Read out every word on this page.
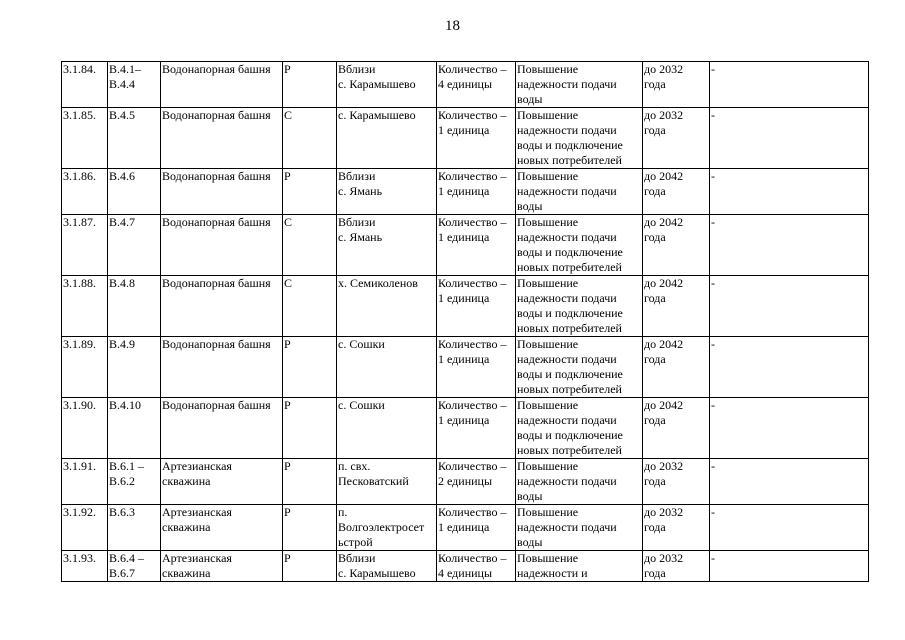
18
3.1.84.	В.4.1–
В.4.4	Водонапорная башня	Р	Вблизи
с. Карамышево	Количество –
4 единицы	Повышение
надежности подачи
воды	до 2032
года	-
3.1.85.	В.4.5	Водонапорная башня	С	с. Карамышево	Количество –
1 единица	Повышение
надежности подачи
воды и подключение
новых потребителей	до 2032
года	-
3.1.86.	В.4.6	Водонапорная башня	Р	Вблизи
с. Ямань	Количество –
1 единица	Повышение
надежности подачи
воды	до 2042
года	-
3.1.87.	В.4.7	Водонапорная башня	С	Вблизи
с. Ямань	Количество –
1 единица	Повышение
надежности подачи
воды и подключение
новых потребителей	до 2042
года	-
3.1.88.	В.4.8	Водонапорная башня	С	х. Семиколенов	Количество –
1 единица	Повышение
надежности подачи
воды и подключение
новых потребителей	до 2042
года	-
3.1.89.	В.4.9	Водонапорная башня	Р	с. Сошки	Количество –
1 единица	Повышение
надежности подачи
воды и подключение
новых потребителей	до 2042
года	-
3.1.90.	В.4.10	Водонапорная башня	Р	с. Сошки	Количество –
1 единица	Повышение
надежности подачи
воды и подключение
новых потребителей	до 2042
года	-
3.1.91.	В.6.1 –
В.6.2	Артезианская
скважина	Р	п. свх.
Песковатский	Количество –
2 единицы	Повышение
надежности подачи
воды	до 2032
года	-
3.1.92.	В.6.3	Артезианская
скважина	Р	п.
Волгоэлектросет
ьстрой	Количество –
1 единица	Повышение
надежности подачи
воды	до 2032
года	-
3.1.93.	В.6.4 –
В.6.7	Артезианская
скважина	Р	Вблизи
с. Карамышево	Количество –
4 единицы	Повышение
надежности и	до 2032
года	-
